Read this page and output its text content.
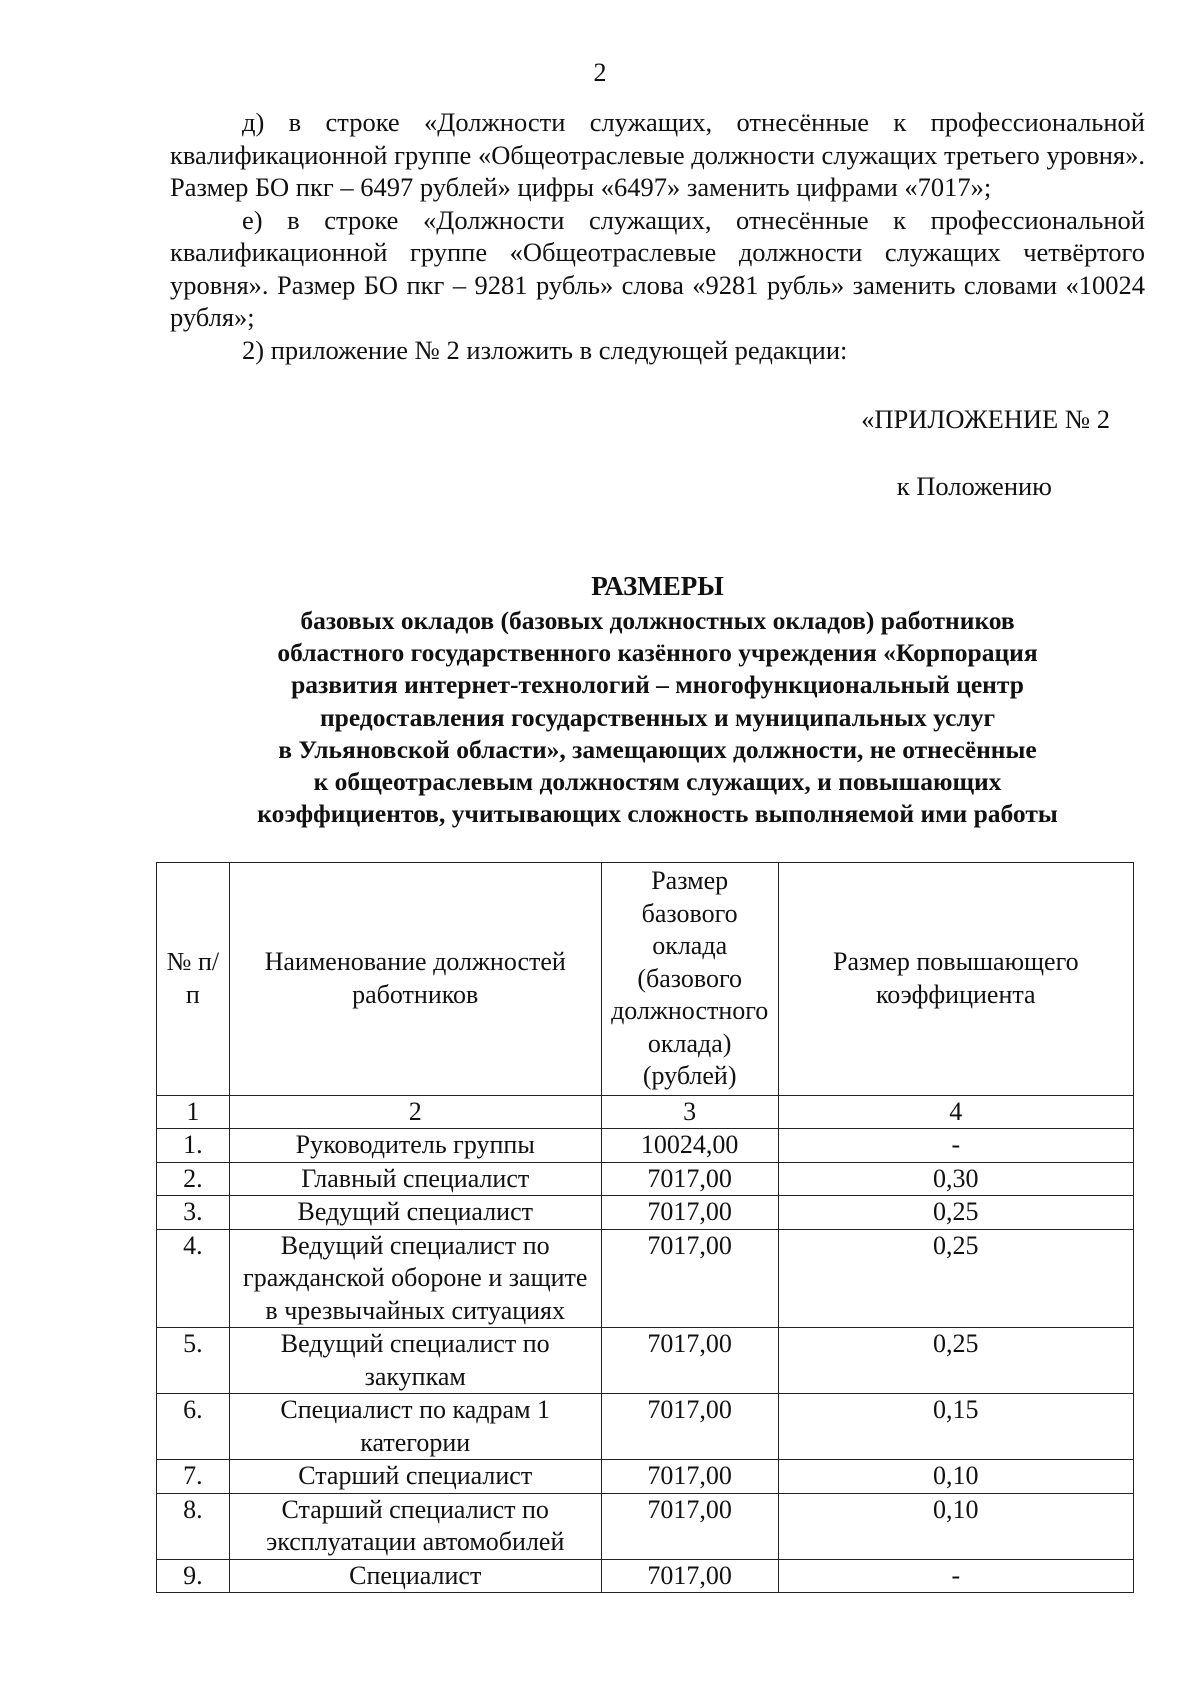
2

д) в строке «Должности служащих, отнесённые к профессиональной квалификационной группе «Общеотраслевые должности служащих третьего уровня». Размер БО пкг – 6497 рублей» цифры «6497» заменить цифрами «7017»;

е) в строке «Должности служащих, отнесённые к профессиональной квалификационной группе «Общеотраслевые должности служащих четвёртого уровня». Размер БО пкг – 9281 рубль» слова «9281 рубль» заменить словами «10024 рубля»;

2) приложение № 2 изложить в следующей редакции:

«ПРИЛОЖЕНИЕ № 2
к Положению
РАЗМЕРЫ
базовых окладов (базовых должностных окладов) работников
областного государственного казённого учреждения «Корпорация
развития интернет-технологий – многофункциональный центр
предоставления государственных и муниципальных услуг
в Ульяновской области», замещающих должности, не отнесённые
к общеотраслевым должностям служащих, и повышающих
коэффициентов, учитывающих сложность выполняемой ими работы
№ п/п	Наименование должностей работников	Размер базового оклада (базового должностного оклада) (рублей)	Размер повышающего коэффициента
1	2	3	4
1.	Руководитель группы	10024,00	-
2.	Главный специалист	7017,00	0,30
3.	Ведущий специалист	7017,00	0,25
4.	Ведущий специалист по гражданской обороне и защите в чрезвычайных ситуациях	7017,00	0,25
5.	Ведущий специалист по закупкам	7017,00	0,25
6.	Специалист по кадрам 1 категории	7017,00	0,15
7.	Старший специалист	7017,00	0,10
8.	Старший специалист по эксплуатации автомобилей	7017,00	0,10
9.	Специалист	7017,00	-
